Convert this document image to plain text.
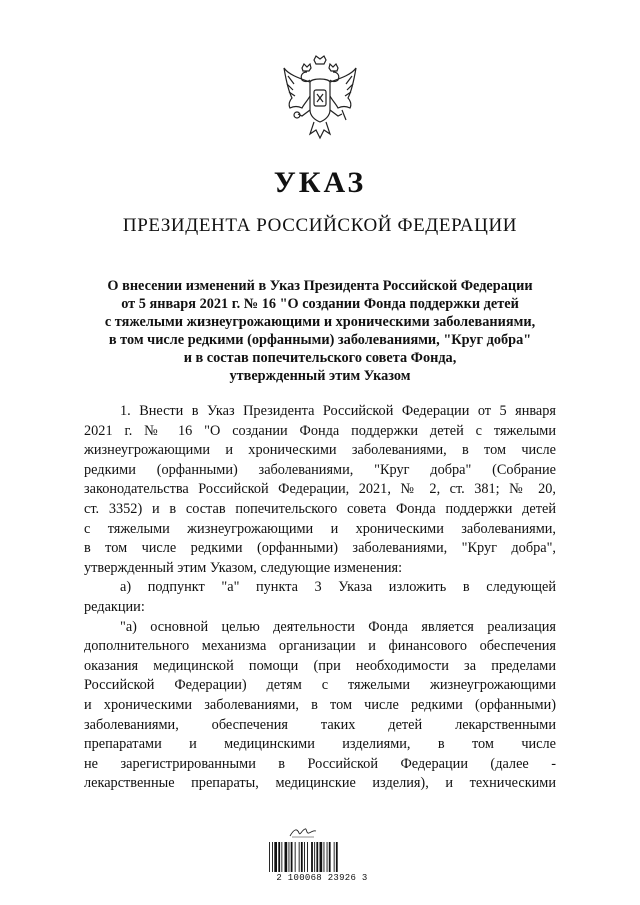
УКАЗ
ПРЕЗИДЕНТА РОССИЙСКОЙ ФЕДЕРАЦИИ
О внесении изменений в Указ Президента Российской Федерации
от 5 января 2021 г. № 16 "О создании Фонда поддержки детей
с тяжелыми жизнеугрожающими и хроническими заболеваниями,
в том числе редкими (орфанными) заболеваниями, "Круг добра"
и в состав попечительского совета Фонда,
утвержденный этим Указом
1. Внести в Указ Президента Российской Федерации от 5 января
2021 г. № 16 "О создании Фонда поддержки детей с тяжелыми
жизнеугрожающими и хроническими заболеваниями, в том числе
редкими (орфанными) заболеваниями, "Круг добра" (Собрание
законодательства Российской Федерации, 2021, № 2, ст. 381; № 20,
ст. 3352) и в состав попечительского совета Фонда поддержки детей
с тяжелыми жизнеугрожающими и хроническими заболеваниями,
в том числе редкими (орфанными) заболеваниями, "Круг добра",
утвержденный этим Указом, следующие изменения:
а) подпункт "а" пункта 3 Указа изложить в следующей
редакции:
"а) основной целью деятельности Фонда является реализация
дополнительного механизма организации и финансового обеспечения
оказания медицинской помощи (при необходимости за пределами
Российской Федерации) детям с тяжелыми жизнеугрожающими
и хроническими заболеваниями, в том числе редкими (орфанными)
заболеваниями, обеспечения таких детей лекарственными
препаратами и медицинскими изделиями, в том числе
не зарегистрированными в Российской Федерации (далее -
лекарственные препараты, медицинские изделия), и техническими
2 100068 23926 3
